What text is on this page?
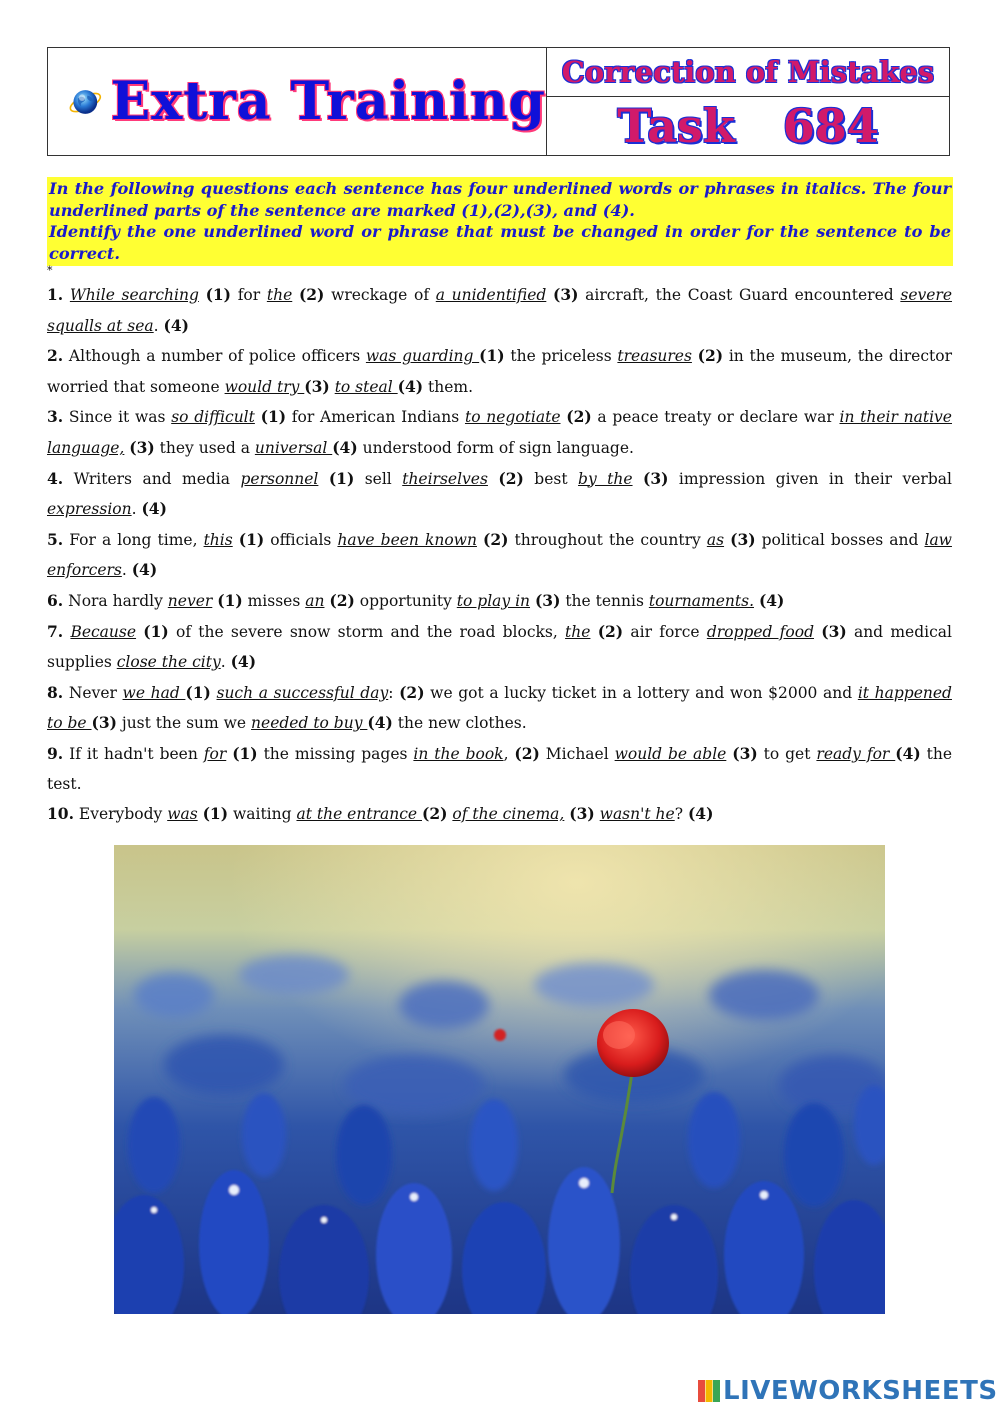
Extra Training Correction of Mistakes
Task 684

In the following questions each sentence has four underlined words or phrases in italics. The four underlined parts of the sentence are marked (1),(2),(3), and (4).

Identify the one underlined word or phrase that must be changed in order for the sentence to be correct.

*

1. While searching (1) for the (2) wreckage of a unidentified (3) aircraft, the Coast Guard encountered severe squalls at sea. (4)

2. Although a number of police officers was guarding (1) the priceless treasures (2) in the museum, the director worried that someone would try (3) to steal (4) them.

3. Since it was so difficult (1) for American Indians to negotiate (2) a peace treaty or declare war in their native language, (3) they used a universal (4) understood form of sign language.

4. Writers and media personnel (1) sell theirselves (2) best by the (3) impression given in their verbal expression. (4)

5. For a long time, this (1) officials have been known (2) throughout the country as (3) political bosses and law enforcers. (4)

6. Nora hardly never (1) misses an (2) opportunity to play in (3) the tennis tournaments. (4)

7. Because (1) of the severe snow storm and the road blocks, the (2) air force dropped food (3) and medical supplies close the city. (4)

8. Never we had (1) such a successful day: (2) we got a lucky ticket in a lottery and won $2000 and it happened to be (3) just the sum we needed to buy (4) the new clothes.

9. If it hadn't been for (1) the missing pages in the book, (2) Michael would be able (3) to get ready for (4) the test.

10. Everybody was (1) waiting at the entrance (2) of the cinema, (3) wasn't he? (4)

LIVEWORKSHEETS
